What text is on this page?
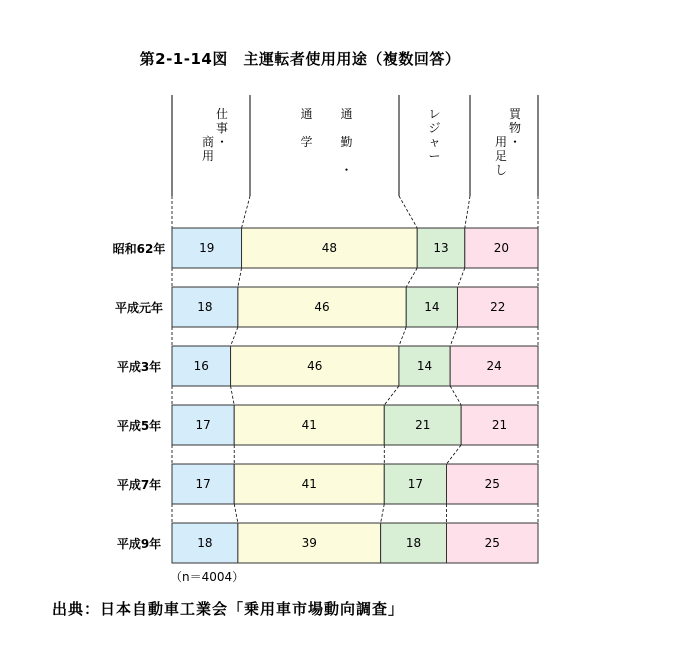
第2-1-14図　主運転者使用用途（複数回答）
仕事・
商用
通勤・
通学
レジャー
買物・
用足し
昭和62年	19	48	13	20
平成元年	18	46	14	22
平成3年	16	46	14	24
平成5年	17	41	21	21
平成7年	17	41	17	25
平成9年	18	39	18	25
（n＝4004）
出典：日本自動車工業会「乗用車市場動向調査」
